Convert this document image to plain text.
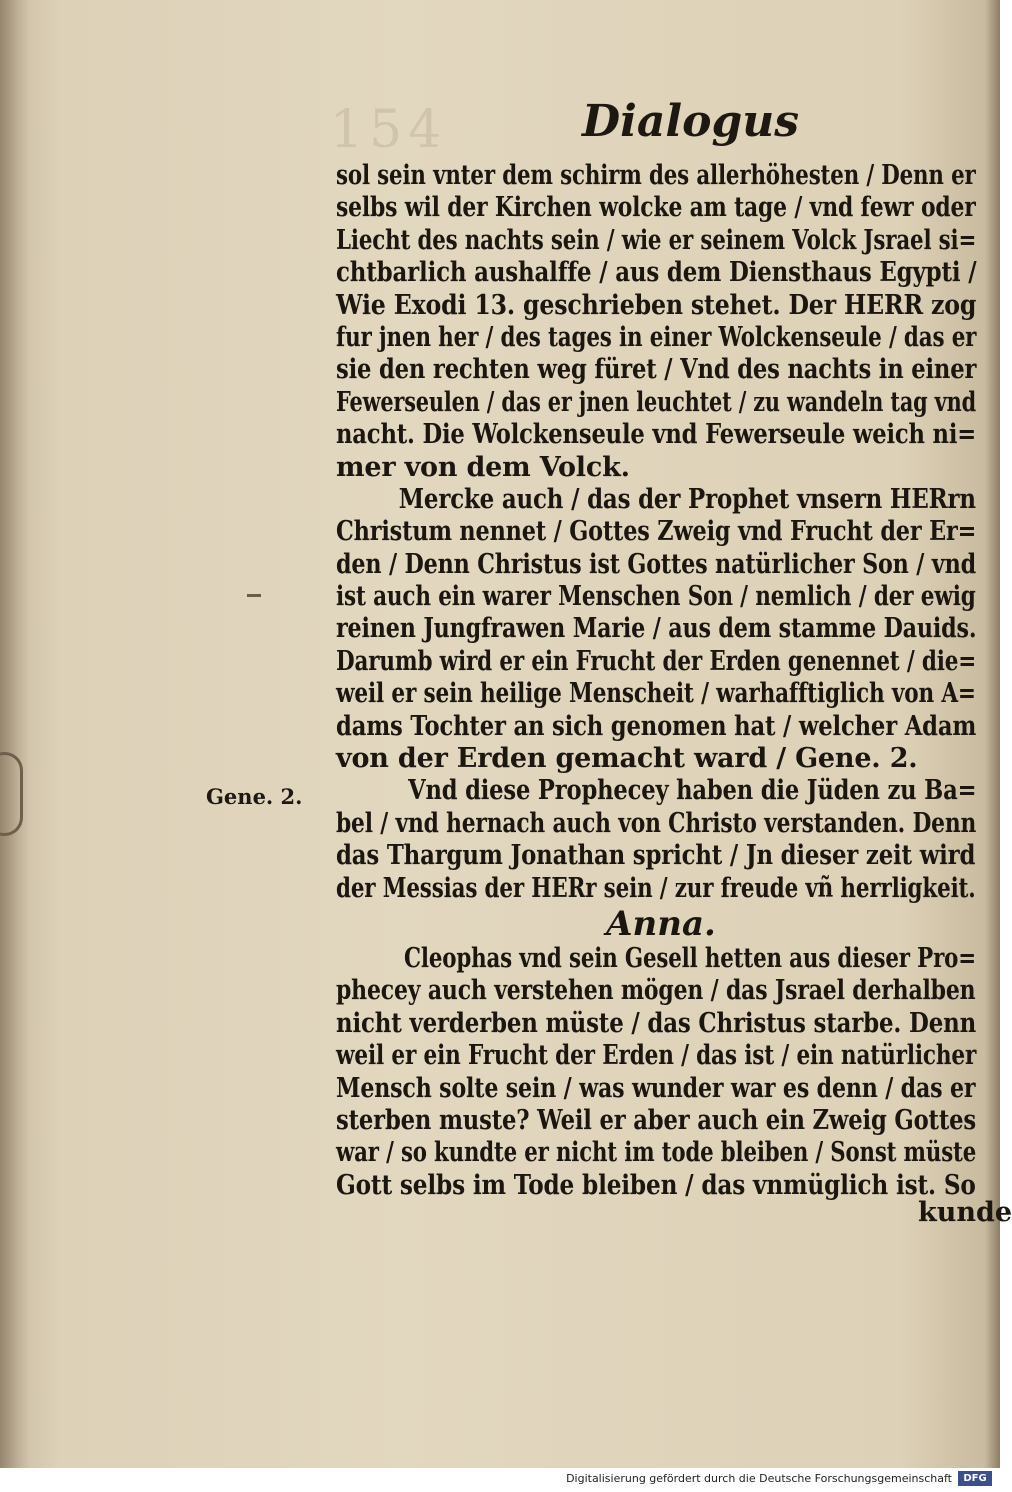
154	Dialogus
Gene. 2.
sol sein vnter dem schirm des allerhöhesten / Denn er
selbs wil der Kirchen wolcke am tage / vnd fewr oder
Liecht des nachts sein / wie er seinem Volck Jsrael si=
chtbarlich aushalffe / aus dem Diensthaus Egypti /
Wie Exodi 13. geschrieben stehet. Der HERR zog
fur jnen her / des tages in einer Wolckenseule / das er
sie den rechten weg füret / Vnd des nachts in einer
Fewerseulen / das er jnen leuchtet / zu wandeln tag vnd
nacht. Die Wolckenseule vnd Fewerseule weich ni=
mer von dem Volck.
Mercke auch / das der Prophet vnsern HERrn
Christum nennet / Gottes Zweig vnd Frucht der Er=
den / Denn Christus ist Gottes natürlicher Son / vnd
ist auch ein warer Menschen Son / nemlich / der ewig
reinen Jungfrawen Marie / aus dem stamme Dauids.
Darumb wird er ein Frucht der Erden genennet / die=
weil er sein heilige Menscheit / warhafftiglich von A=
dams Tochter an sich genomen hat / welcher Adam
von der Erden gemacht ward / Gene. 2.
Vnd diese Prophecey haben die Jüden zu Ba=
bel / vnd hernach auch von Christo verstanden. Denn
das Thargum Jonathan spricht / Jn dieser zeit wird
der Messias der HERr sein / zur freude vñ herrligkeit.
Anna.
Cleophas vnd sein Gesell hetten aus dieser Pro=
phecey auch verstehen mögen / das Jsrael derhalben
nicht verderben müste / das Christus starbe. Denn
weil er ein Frucht der Erden / das ist / ein natürlicher
Mensch solte sein / was wunder war es denn / das er
sterben muste? Weil er aber auch ein Zweig Gottes
war / so kundte er nicht im tode bleiben / Sonst müste
Gott selbs im Tode bleiben / das vnmüglich ist. So
kunde
Digitalisierung gefördert durch die Deutsche Forschungsgemeinschaft	DFG
